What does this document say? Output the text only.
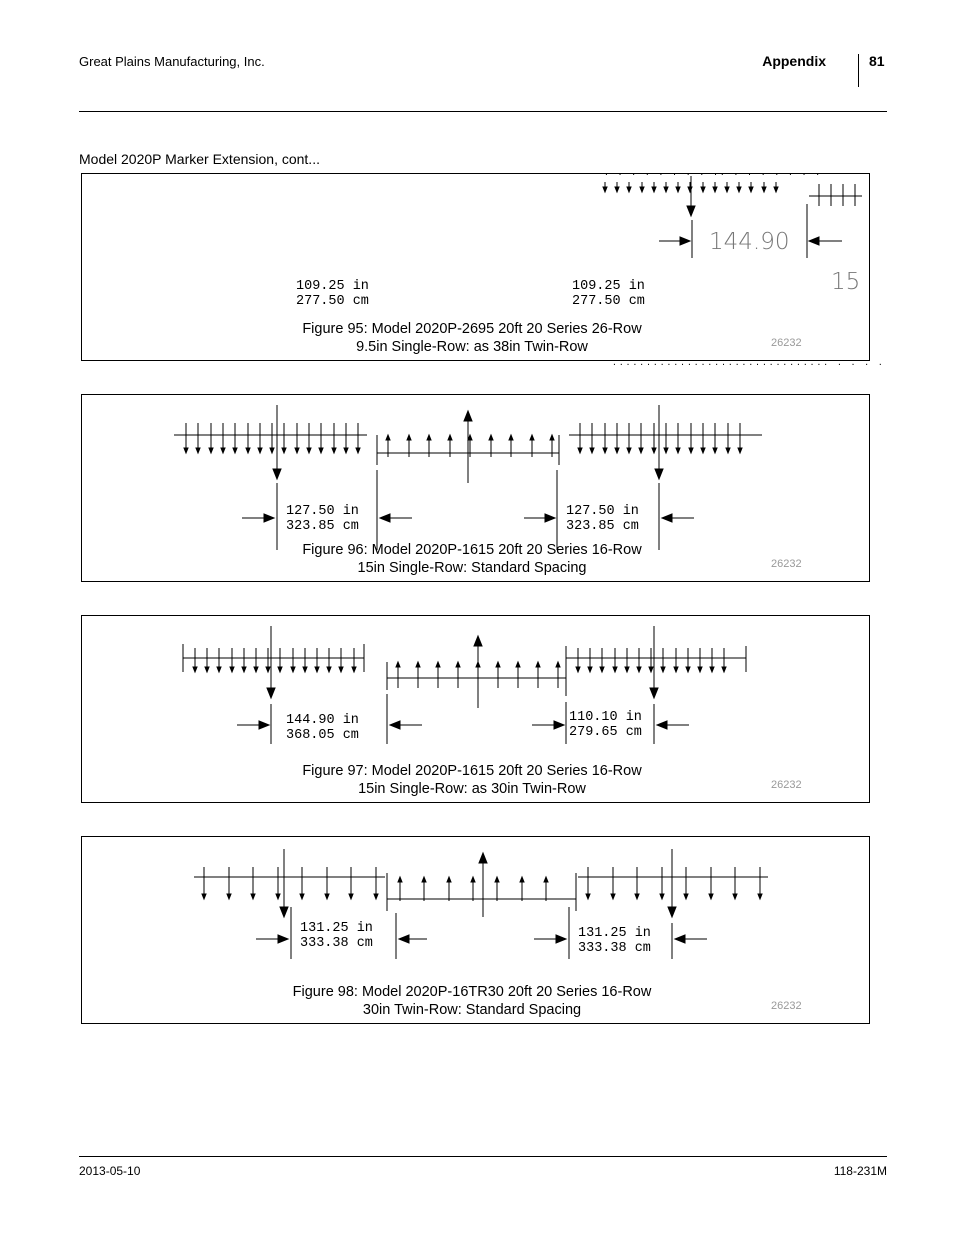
Great Plains Manufacturing, Inc.	Appendix	81
Model 2020P Marker Extension, cont...
. . . . . . . . .. . . . . . . .
144.90
15
109.25 in
277.50 cm
109.25 in
277.50 cm
Figure 95: Model 2020P-2695 20ft 20 Series 26-Row
9.5in Single-Row: as 38in Twin-Row	26232
................................ . . . .
127.50 in
323.85 cm
127.50 in
323.85 cm
Figure 96: Model 2020P-1615 20ft 20 Series 16-Row
15in Single-Row: Standard Spacing	26232
144.90 in
368.05 cm
110.10 in
279.65 cm
Figure 97: Model 2020P-1615 20ft 20 Series 16-Row
15in Single-Row: as 30in Twin-Row	26232
131.25 in
333.38 cm
131.25 in
333.38 cm
Figure 98: Model 2020P-16TR30 20ft 20 Series 16-Row
30in Twin-Row: Standard Spacing	26232
2013-05-10	118-231M
